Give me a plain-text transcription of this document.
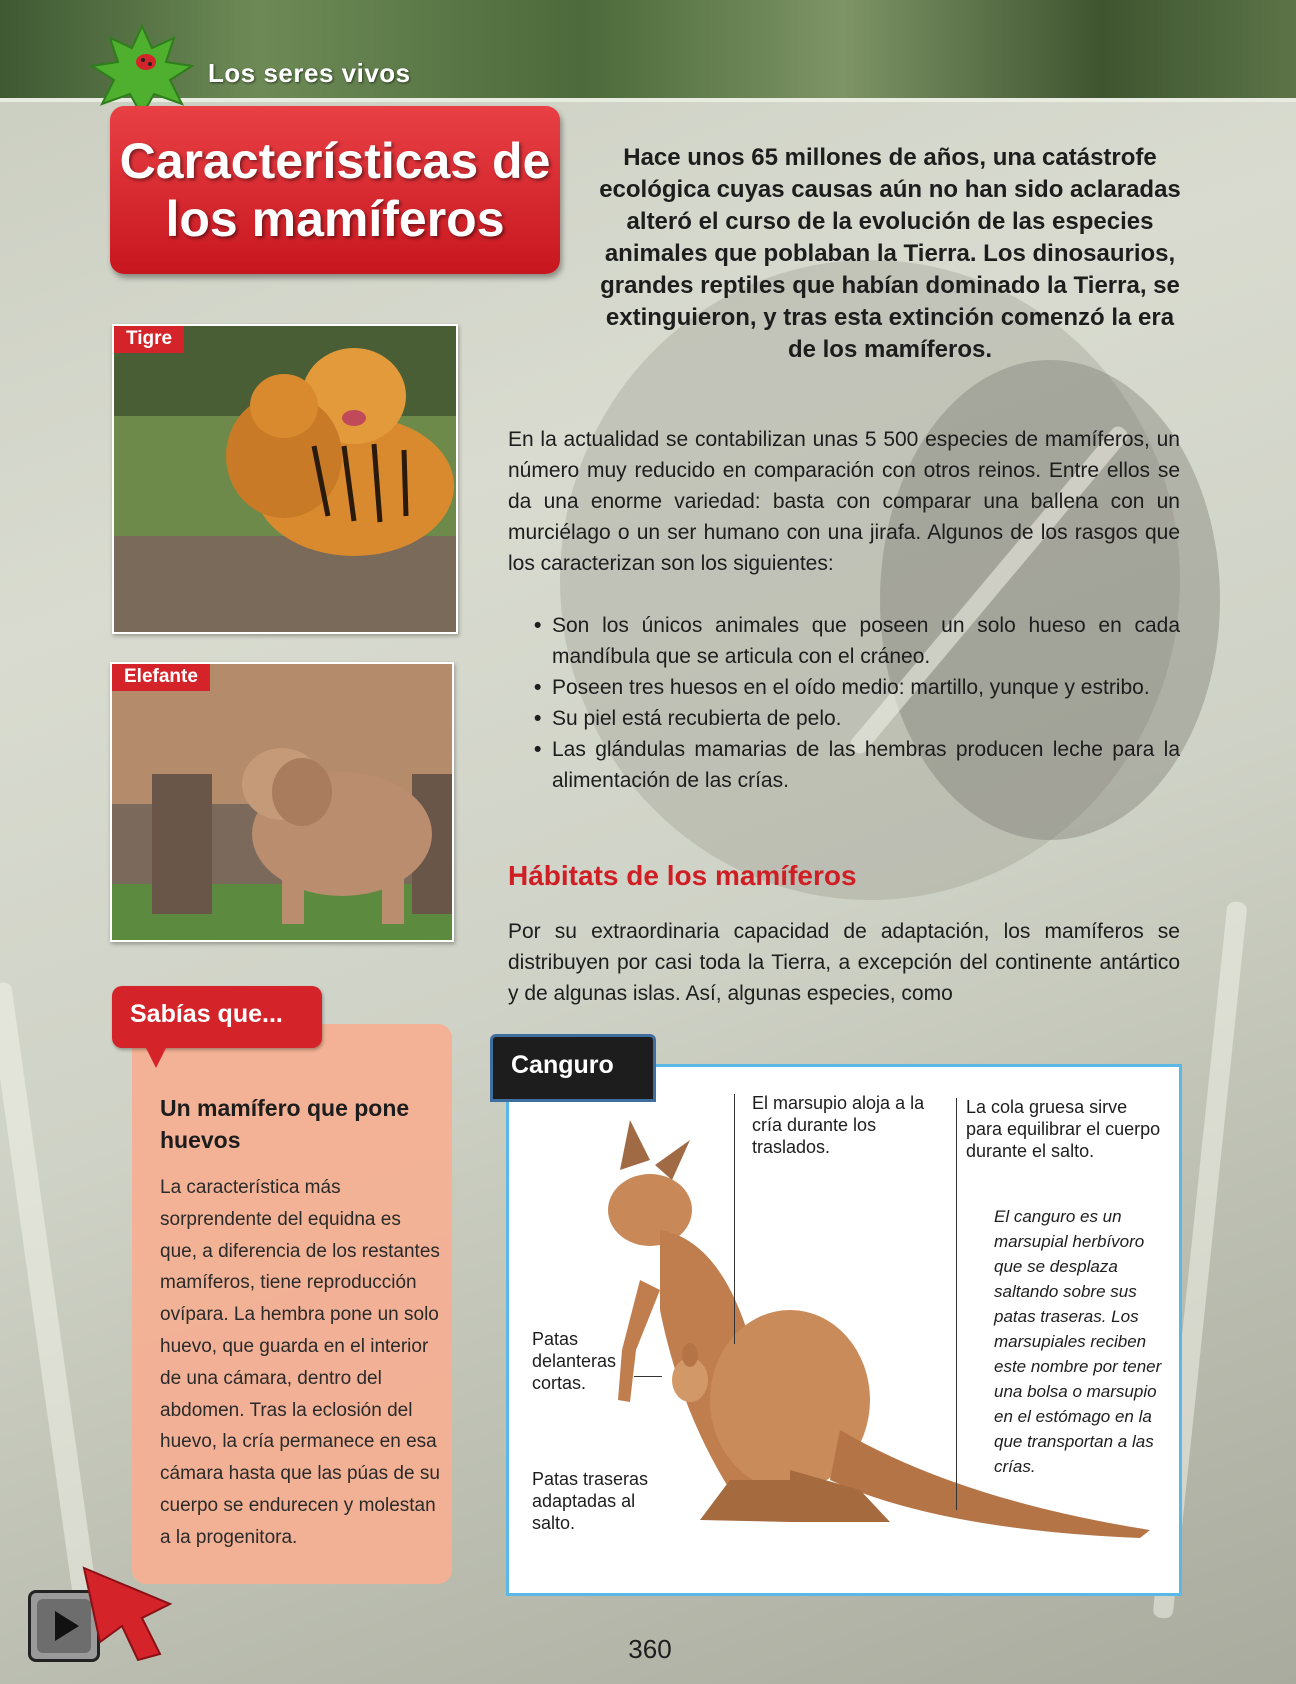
Los seres vivos
Características de los mamíferos
Hace unos 65 millones de años, una catástrofe ecológica cuyas causas aún no han sido aclaradas alteró el curso de la evolución de las especies animales que poblaban la Tierra. Los dinosaurios, grandes reptiles que habían dominado la Tierra, se extinguieron, y tras esta extinción comenzó la era de los mamíferos.
Tigre
Elefante
En la actualidad se contabilizan unas 5 500 especies de mamíferos, un número muy reducido en comparación con otros reinos. Entre ellos se da una enorme variedad: basta con comparar una ballena con un murciélago o un ser humano con una jirafa. Algunos de los rasgos que los caracterizan son los siguientes:
• Son los únicos animales que poseen un solo hueso en cada mandíbula que se articula con el cráneo.
• Poseen tres huesos en el oído medio: martillo, yunque y estribo.
• Su piel está recubierta de pelo.
• Las glándulas mamarias de las hembras producen leche para la alimentación de las crías.
Hábitats de los mamíferos
Por su extraordinaria capacidad de adaptación, los mamíferos se distribuyen por casi toda la Tierra, a excepción del continente antártico y de algunas islas. Así, algunas especies, como
Sabías que...
Un mamífero que pone huevos
La característica más sorprendente del equidna es que, a diferencia de los restantes mamíferos, tiene reproducción ovípara. La hembra pone un solo huevo, que guarda en el interior de una cámara, dentro del abdomen. Tras la eclosión del huevo, la cría permanece en esa cámara hasta que las púas de su cuerpo se endurecen y molestan a la progenitora.
Canguro
El marsupio aloja a la cría durante los traslados.
La cola gruesa sirve para equilibrar el cuerpo durante el salto.
Patas delanteras cortas.
Patas traseras adaptadas al salto.
El canguro es un marsupial herbívoro que se desplaza saltando sobre sus patas traseras. Los marsupiales reciben este nombre por tener una bolsa o marsupio en el estómago en la que transportan a las crías.
360
